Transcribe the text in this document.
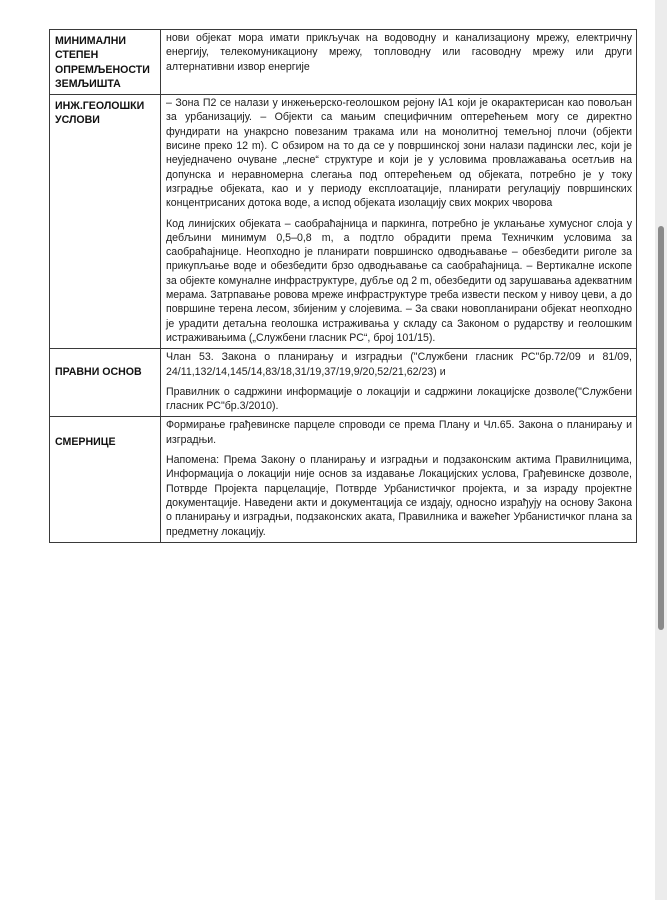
МИНИМАЛНИ СТЕПЕН ОПРЕМЉЕНОСТИ ЗЕМЉИШТА	нови објекат мора имати прикључак на водоводну и канализациону мрежу, електричну енергију, телекомуникациону мрежу, топловодну или гасоводну мрежу или други алтернативни извор енергије

ИНЖ.ГЕОЛОШКИ УСЛОВИ	– Зона П2 се налази у инжењерско-геолошком рејону IA1 који је окарактерисан као повољан за урбанизацију. – Објекти са мањим специфичним оптерећењем могу се директно фундирати на унакрсно повезаним тракама или на монолитној темељној плочи (објекти висине преко 12 m). С обзиром на то да се у површинској зони налази падински лес, који је неуједначено очуване „лесне“ структуре и који је у условима провлажавања осетљив на допунска и неравномерна слегања под оптерећењем од објеката, потребно је у току изградње објеката, као и у периоду експлоатације, планирати регулацију површинских концентрисаних дотока воде, а испод објеката изолацију свих мокрих чворова

Код линијских објеката – саобраћајница и паркинга, потребно је уклањање хумусног слоја у дебљини минимум 0,5–0,8 m, а подтло обрадити према Техничким условима за саобраћајнице. Неопходно је планирати површинско одводњавање – обезбедити риголе за прикупљање воде и обезбедити брзо одводњавање са саобраћајница. – Вертикалне ископе за објекте комуналне инфраструктуре, дубље од 2 m, обезбедити од зарушавања адекватним мерама. Затрпавање ровова мреже инфраструктуре треба извести песком у нивоу цеви, а до површине терена лесом, збијеним у слојевима. – За сваки новопланирани објекат неопходно је урадити детаљна геолошка истраживања у складу са Законом о рударству и геолошким истраживањима („Службени гласник РС“, број 101/15).

ПРАВНИ ОСНОВ	Члан 53. Закона о планирању и изградњи ("Службени гласник РС"бр.72/09 и 81/09, 24/11,132/14,145/14,83/18,31/19,37/19,9/20,52/21,62/23) и

Правилник о садржини информације о локацији и садржини локацијске дозволе("Службени гласник РС"бр.3/2010).

СМЕРНИЦЕ	Формирање грађевинске парцеле спроводи се према Плану и Чл.65. Закона о планирању и изградњи.

Напомена: Према Закону о планирању и изградњи и подзаконским актима Правилницима, Информација о локацији није основ за издавање Локацијских услова, Грађевинске дозволе, Потврде Пројекта парцелације, Потврде Урбанистичког пројекта, и за израду пројектне документације. Наведени акти и документација се издају, односно израђују на основу Закона о планирању и изградњи, подзаконских аката, Правилника и важећег Урбанистичког плана за предметну локацију.
